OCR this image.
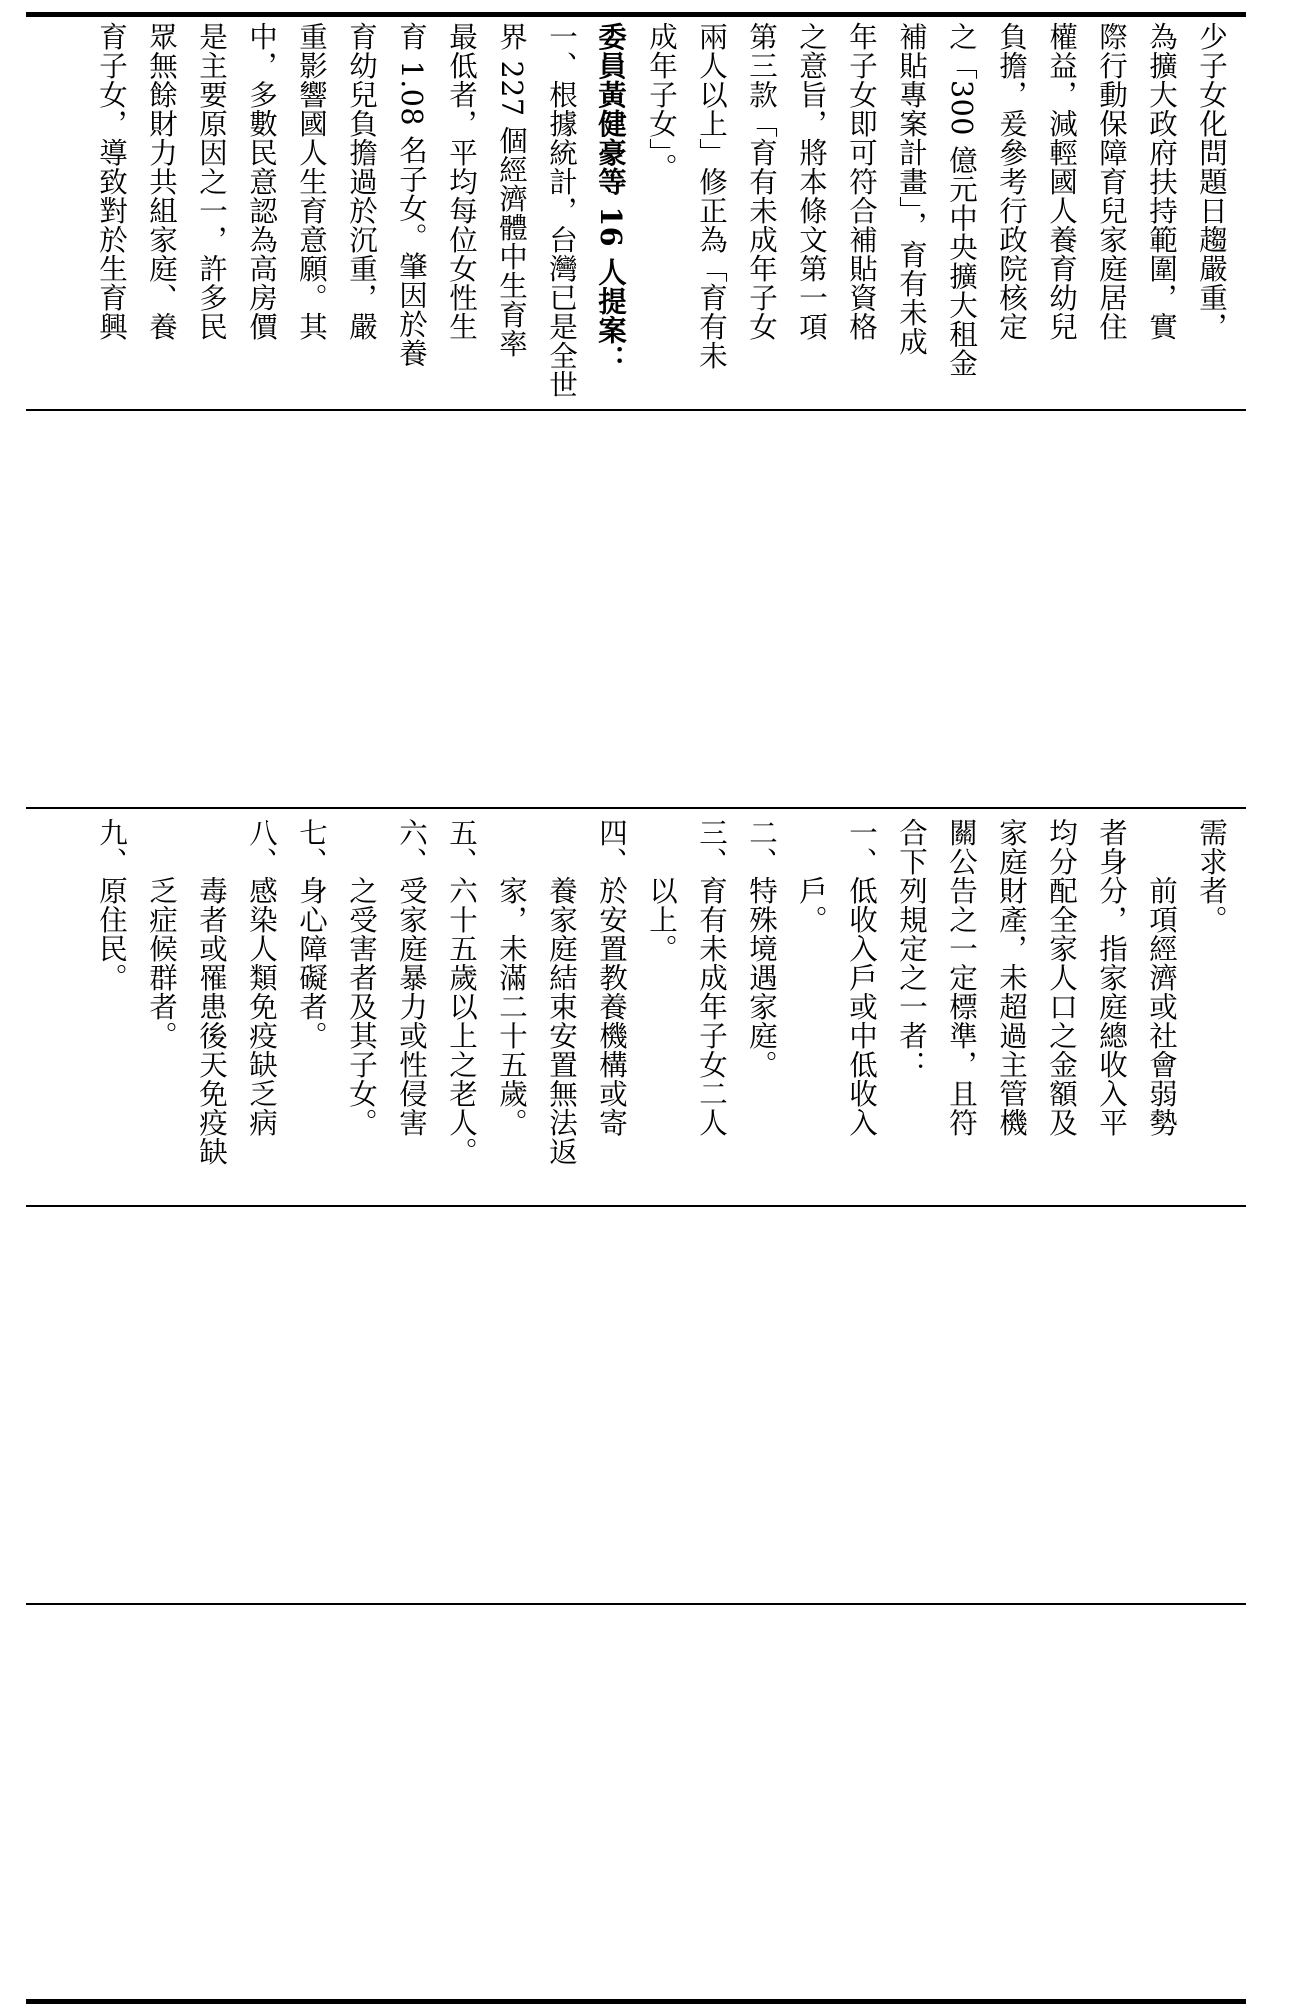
少子女化問題日趨嚴重，
為擴大政府扶持範圍，實
際行動保障育兒家庭居住
權益，減輕國人養育幼兒
負擔，爰參考行政院核定
之「300 億元中央擴大租金
補貼專案計畫」，育有未成
年子女即可符合補貼資格
之意旨，將本條文第一項
第三款「育有未成年子女
兩人以上」修正為「育有未
成年子女」。
委員黃健豪等 16 人提案：
一、根據統計，台灣已是全世
界 227 個經濟體中生育率
最低者，平均每位女性生
育 1.08 名子女。肇因於養
育幼兒負擔過於沉重，嚴
重影響國人生育意願。其
中，多數民意認為高房價
是主要原因之一，許多民
眾無餘財力共組家庭、養
育子女，導致對於生育興
需求者。
　　前項經濟或社會弱勢
者身分，指家庭總收入平
均分配全家人口之金額及
家庭財產，未超過主管機
關公告之一定標準，且符
合下列規定之一者：
一、低收入戶或中低收入
　　戶。
二、特殊境遇家庭。
三、育有未成年子女二人
　　以上。
四、於安置教養機構或寄
　　養家庭結束安置無法返
　　家，未滿二十五歲。
五、六十五歲以上之老人。
六、受家庭暴力或性侵害
　　之受害者及其子女。
七、身心障礙者。
八、感染人類免疫缺乏病
　　毒者或罹患後天免疫缺
　　乏症候群者。
九、原住民。
